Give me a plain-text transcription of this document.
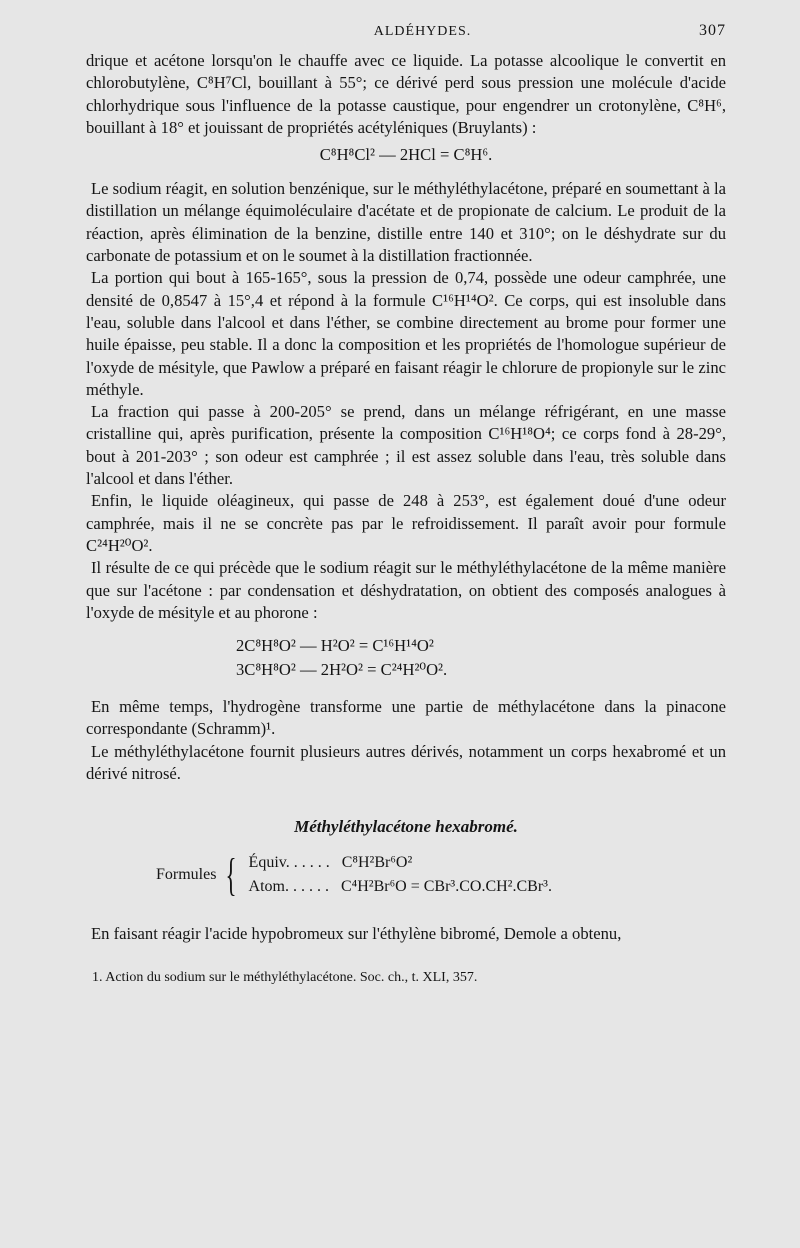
ALDÉHYDES.	307

drique et acétone lorsqu'on le chauffe avec ce liquide. La potasse alcoolique le convertit en chlorobutylène, C⁸H⁷Cl, bouillant à 55°; ce dérivé perd sous pression une molécule d'acide chlorhydrique sous l'influence de la potasse caustique, pour engendrer un crotonylène, C⁸H⁶, bouillant à 18° et jouissant de propriétés acétyléniques (Bruylants) :

C⁸H⁸Cl² — 2HCl = C⁸H⁶.

Le sodium réagit, en solution benzénique, sur le méthyléthylacétone, préparé en soumettant à la distillation un mélange équimoléculaire d'acétate et de propionate de calcium. Le produit de la réaction, après élimination de la benzine, distille entre 140 et 310°; on le déshydrate sur du carbonate de potassium et on le soumet à la distillation fractionnée.

La portion qui bout à 165-165°, sous la pression de 0,74, possède une odeur camphrée, une densité de 0,8547 à 15°,4 et répond à la formule C¹⁶H¹⁴O². Ce corps, qui est insoluble dans l'eau, soluble dans l'alcool et dans l'éther, se combine directement au brome pour former une huile épaisse, peu stable. Il a donc la composition et les propriétés de l'homologue supérieur de l'oxyde de mésityle, que Pawlow a préparé en faisant réagir le chlorure de propionyle sur le zinc méthyle.

La fraction qui passe à 200-205° se prend, dans un mélange réfrigérant, en une masse cristalline qui, après purification, présente la composition C¹⁶H¹⁸O⁴; ce corps fond à 28-29°, bout à 201-203° ; son odeur est camphrée ; il est assez soluble dans l'eau, très soluble dans l'alcool et dans l'éther.

Enfin, le liquide oléagineux, qui passe de 248 à 253°, est également doué d'une odeur camphrée, mais il ne se concrète pas par le refroidissement. Il paraît avoir pour formule C²⁴H²⁰O².

Il résulte de ce qui précède que le sodium réagit sur le méthyléthylacétone de la même manière que sur l'acétone : par condensation et déshydratation, on obtient des composés analogues à l'oxyde de mésityle et au phorone :

2C⁸H⁸O² — H²O² = C¹⁶H¹⁴O²
3C⁸H⁸O² — 2H²O² = C²⁴H²⁰O².

En même temps, l'hydrogène transforme une partie de méthylacétone dans la pinacone correspondante (Schramm)¹.

Le méthyléthylacétone fournit plusieurs autres dérivés, notamment un corps hexabromé et un dérivé nitrosé.

Méthyléthylacétone hexabromé.
Formules { Équiv. . . . . .   C⁸H²Br⁶O²
Atom. . . . . .   C⁴H²Br⁶O = CBr³.CO.CH².CBr³.

En faisant réagir l'acide hypobromeux sur l'éthylène bibromé, Demole a obtenu,

1. Action du sodium sur le méthyléthylacétone. Soc. ch., t. XLI, 357.
